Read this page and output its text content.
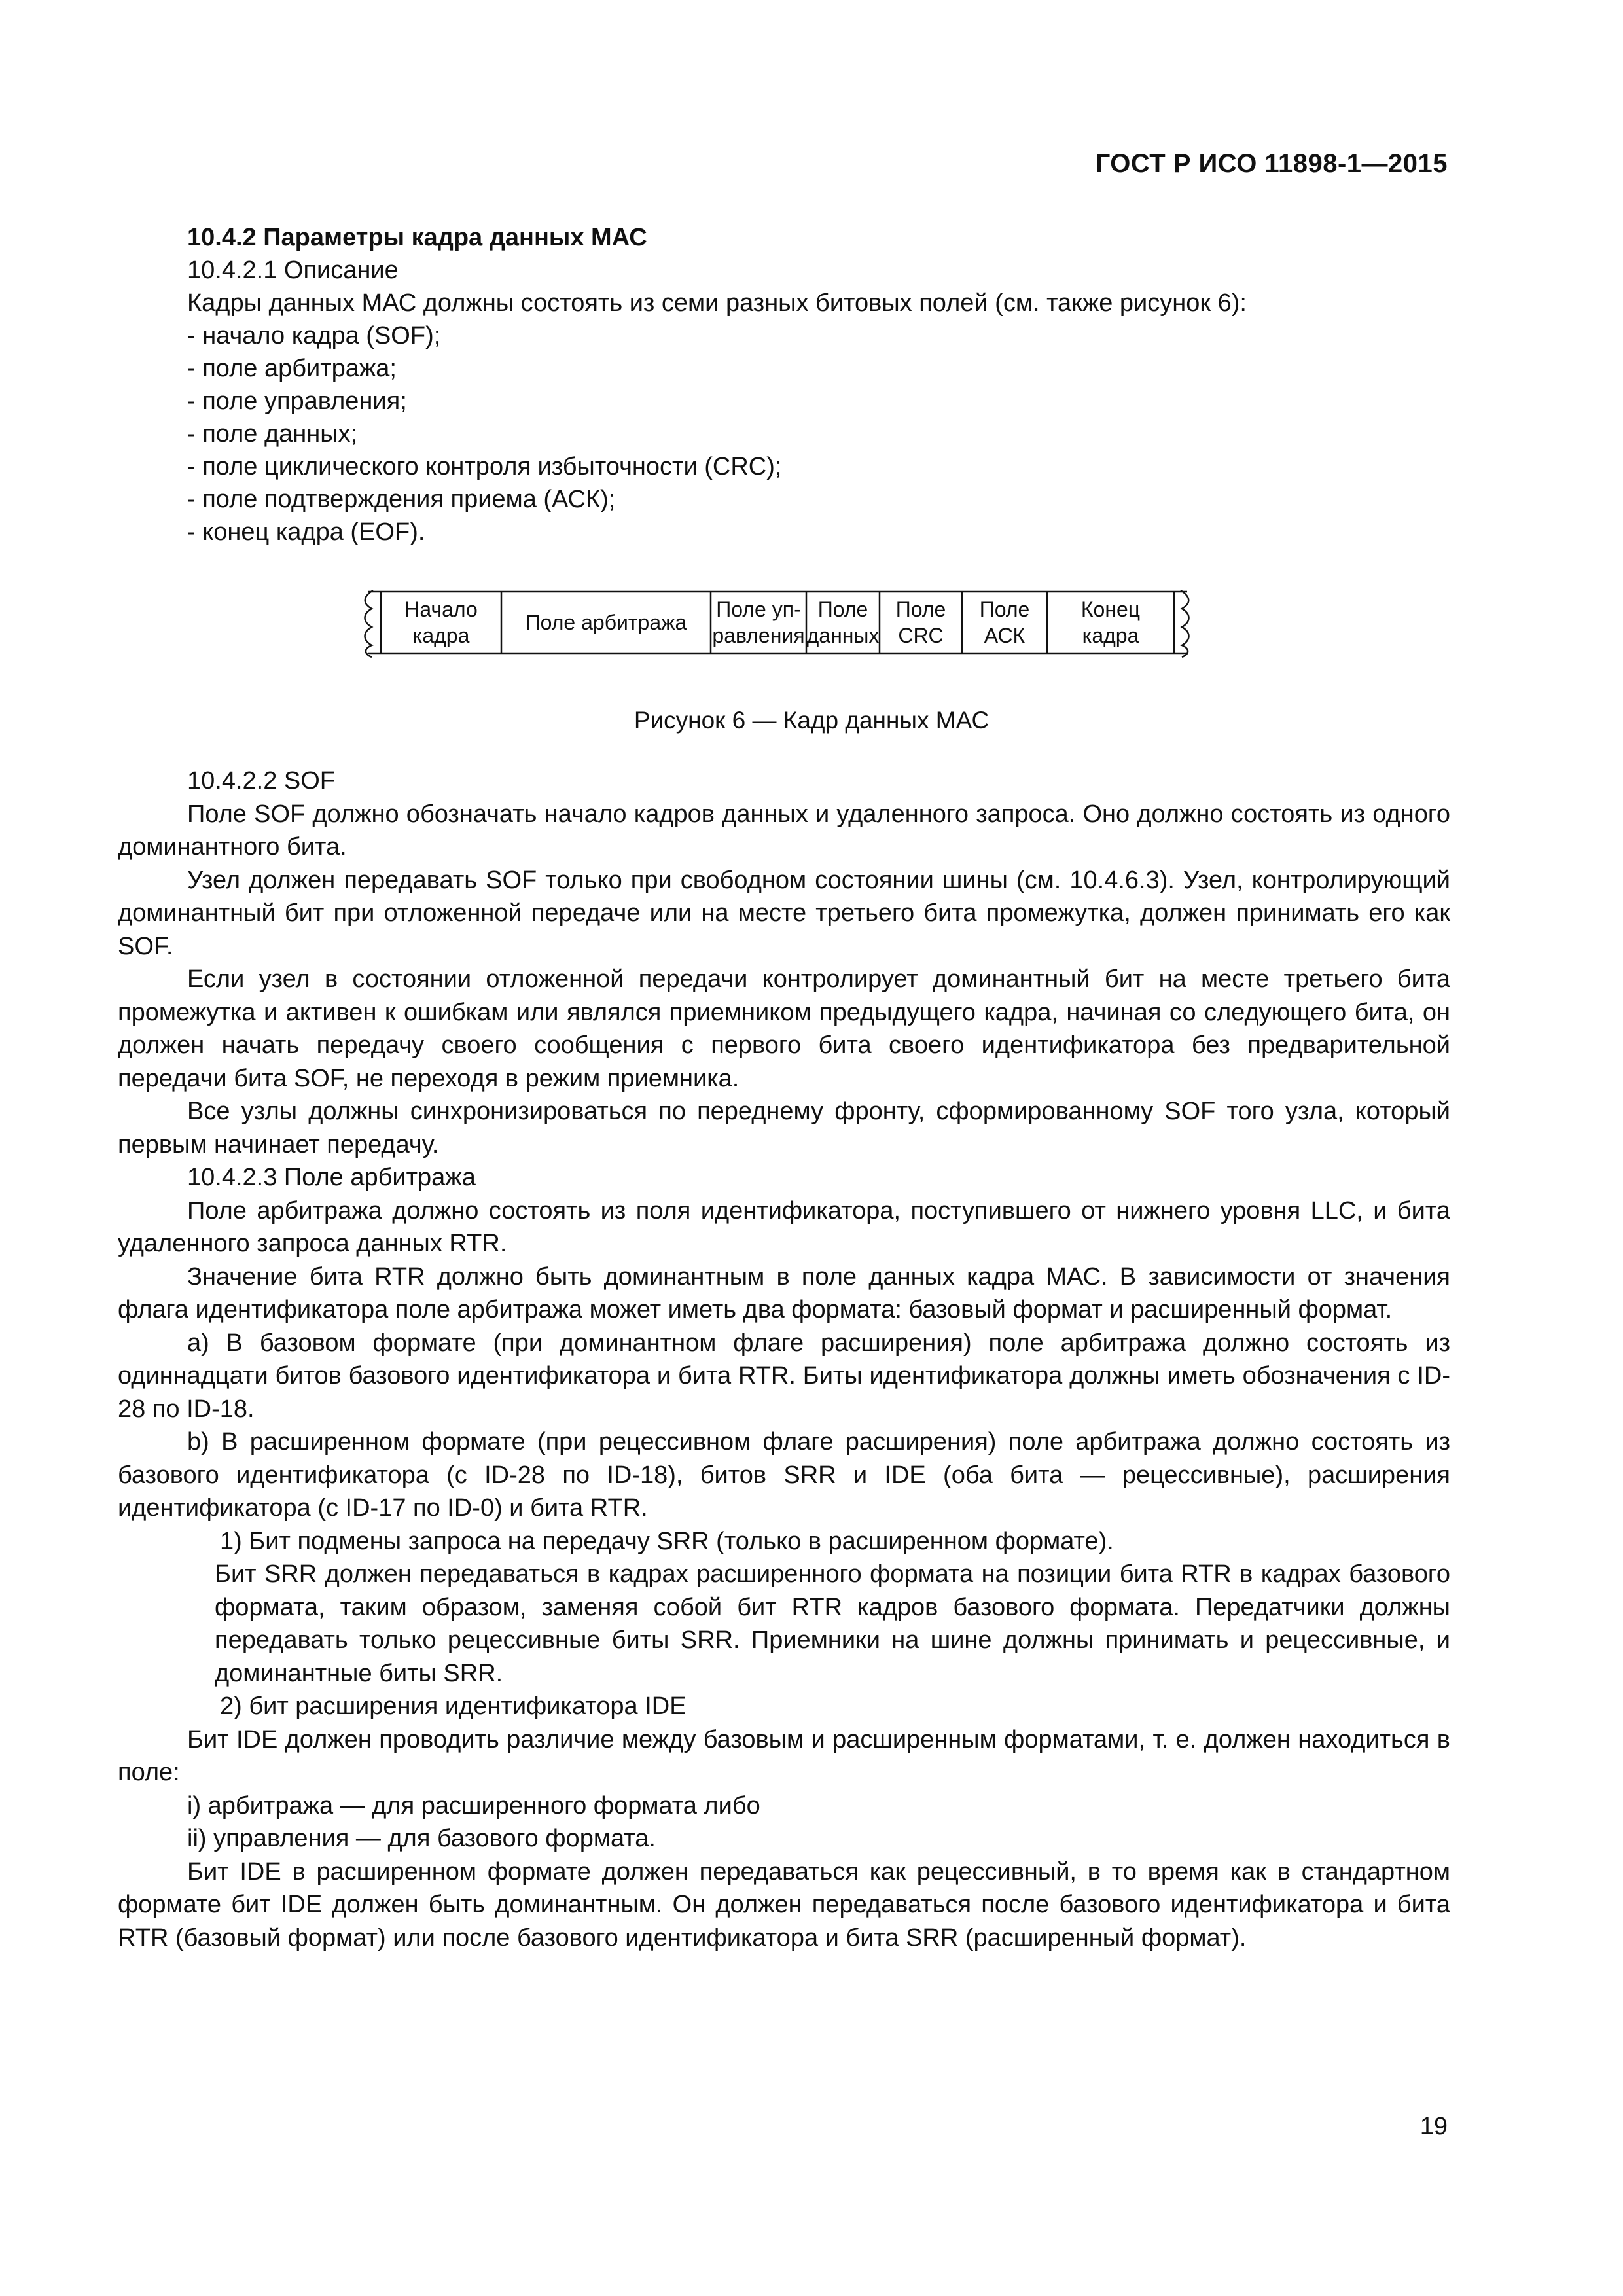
ГОСТ Р ИСО 11898-1—2015

10.4.2 Параметры кадра данных МАС

10.4.2.1 Описание

Кадры данных МАС должны состоять из семи разных битовых полей (см. также рисунок 6):

- начало кадра (SOF);

- поле арбитража;

- поле управления;

- поле данных;

- поле циклического контроля избыточности (CRC);

- поле подтверждения приема (АСК);

- конец кадра (EOF).

Начало
кадра
Поле арбитража
Поле уп-
равления
Поле
данных
Поле
CRC
Поле
АСК
Конец
кадра
Рисунок 6 — Кадр данных МАС

10.4.2.2 SOF

Поле SOF должно обозначать начало кадров данных и удаленного запроса. Оно должно состоять из одного доминантного бита.

Узел должен передавать SOF только при свободном состоянии шины (см. 10.4.6.3). Узел, контролирующий доминантный бит при отложенной передаче или на месте третьего бита промежутка, должен принимать его как SOF.

Если узел в состоянии отложенной передачи контролирует доминантный бит на месте третьего бита промежутка и активен к ошибкам или являлся приемником предыдущего кадра, начиная со следующего бита, он должен начать передачу своего сообщения с первого бита своего идентификатора без предварительной передачи бита SOF, не переходя в режим приемника.

Все узлы должны синхронизироваться по переднему фронту, сформированному SOF того узла, который первым начинает передачу.

10.4.2.3 Поле арбитража

Поле арбитража должно состоять из поля идентификатора, поступившего от нижнего уровня LLC, и бита удаленного запроса данных RTR.

Значение бита RTR должно быть доминантным в поле данных кадра МАС. В зависимости от значения флага идентификатора поле арбитража может иметь два формата: базовый формат и расширенный формат.

а) В базовом формате (при доминантном флаге расширения) поле арбитража должно состоять из одиннадцати битов базового идентификатора и бита RTR. Биты идентификатора должны иметь обозначения с ID-28 по ID-18.

b) В расширенном формате (при рецессивном флаге расширения) поле арбитража должно состоять из базового идентификатора (с ID-28 по ID-18), битов SRR и IDE (оба бита — рецессивные), расширения идентификатора (с ID-17 по ID-0) и бита RTR.

1) Бит подмены запроса на передачу SRR (только в расширенном формате).

Бит SRR должен передаваться в кадрах расширенного формата на позиции бита RTR в кадрах базового формата, таким образом, заменяя собой бит RTR кадров базового формата. Передатчики должны передавать только рецессивные биты SRR. Приемники на шине должны принимать и рецессивные, и доминантные биты SRR.

2) бит расширения идентификатора IDE

Бит IDE должен проводить различие между базовым и расширенным форматами, т. е. должен находиться в поле:

i) арбитража — для расширенного формата либо

ii) управления — для базового формата.

Бит IDE в расширенном формате должен передаваться как рецессивный, в то время как в стандартном формате бит IDE должен быть доминантным. Он должен передаваться после базового идентификатора и бита RTR (базовый формат) или после базового идентификатора и бита SRR (расширенный формат).

19
